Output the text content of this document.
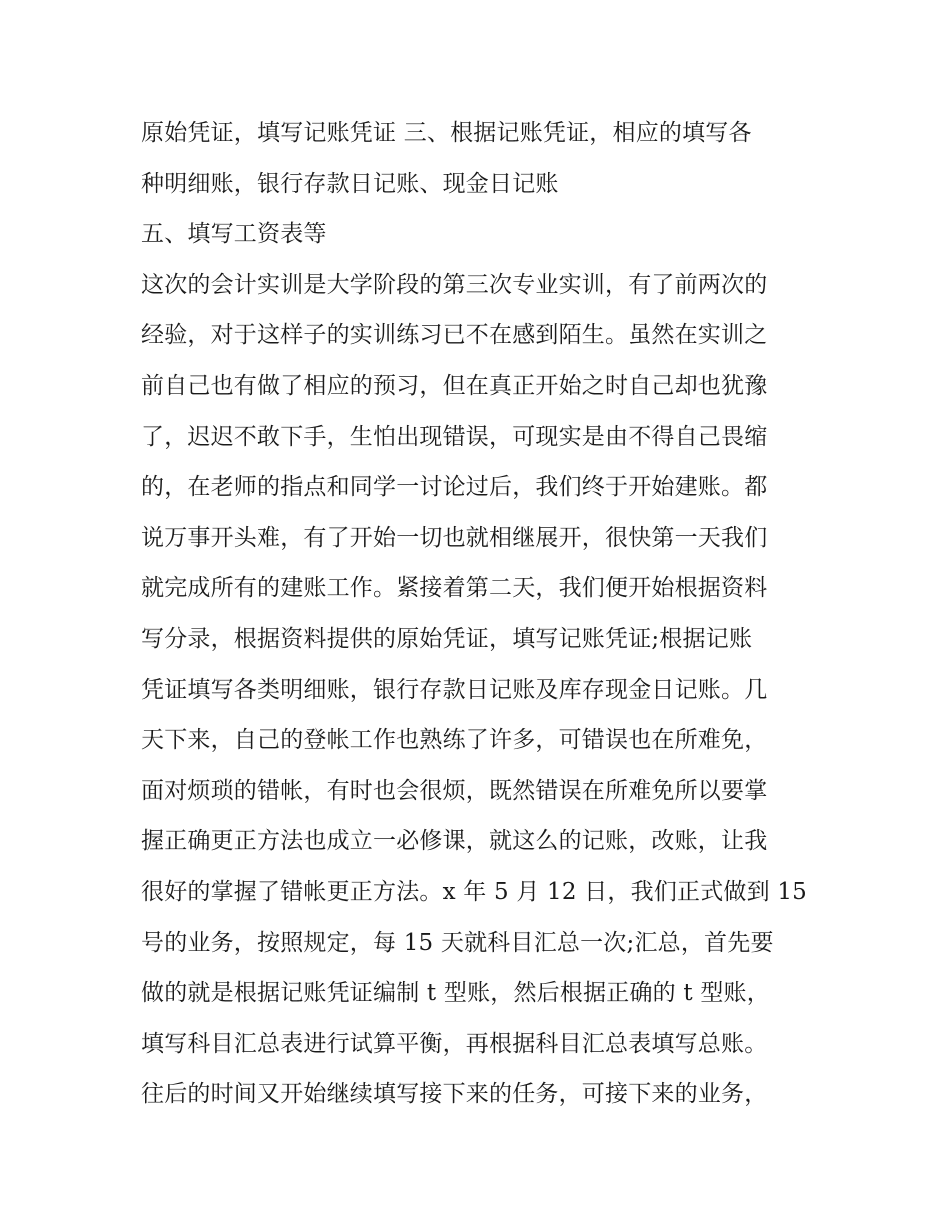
原始凭证，填写记账凭证 三、根据记账凭证，相应的填写各
种明细账，银行存款日记账、现金日记账
五、填写工资表等
这次的会计实训是大学阶段的第三次专业实训，有了前两次的
经验，对于这样子的实训练习已不在感到陌生。虽然在实训之
前自己也有做了相应的预习，但在真正开始之时自己却也犹豫
了，迟迟不敢下手，生怕出现错误，可现实是由不得自己畏缩
的，在老师的指点和同学一讨论过后，我们终于开始建账。都
说万事开头难，有了开始一切也就相继展开，很快第一天我们
就完成所有的建账工作。紧接着第二天，我们便开始根据资料
写分录，根据资料提供的原始凭证，填写记账凭证;根据记账
凭证填写各类明细账，银行存款日记账及库存现金日记账。几
天下来，自己的登帐工作也熟练了许多，可错误也在所难免，
面对烦琐的错帐，有时也会很烦，既然错误在所难免所以要掌
握正确更正方法也成立一必修课，就这么的记账，改账，让我
很好的掌握了错帐更正方法。x 年 5 月 12 日，我们正式做到 15
号的业务，按照规定，每 15 天就科目汇总一次;汇总，首先要
做的就是根据记账凭证编制 t 型账，然后根据正确的 t 型账，
填写科目汇总表进行试算平衡，再根据科目汇总表填写总账。
往后的时间又开始继续填写接下来的任务，可接下来的业务，
